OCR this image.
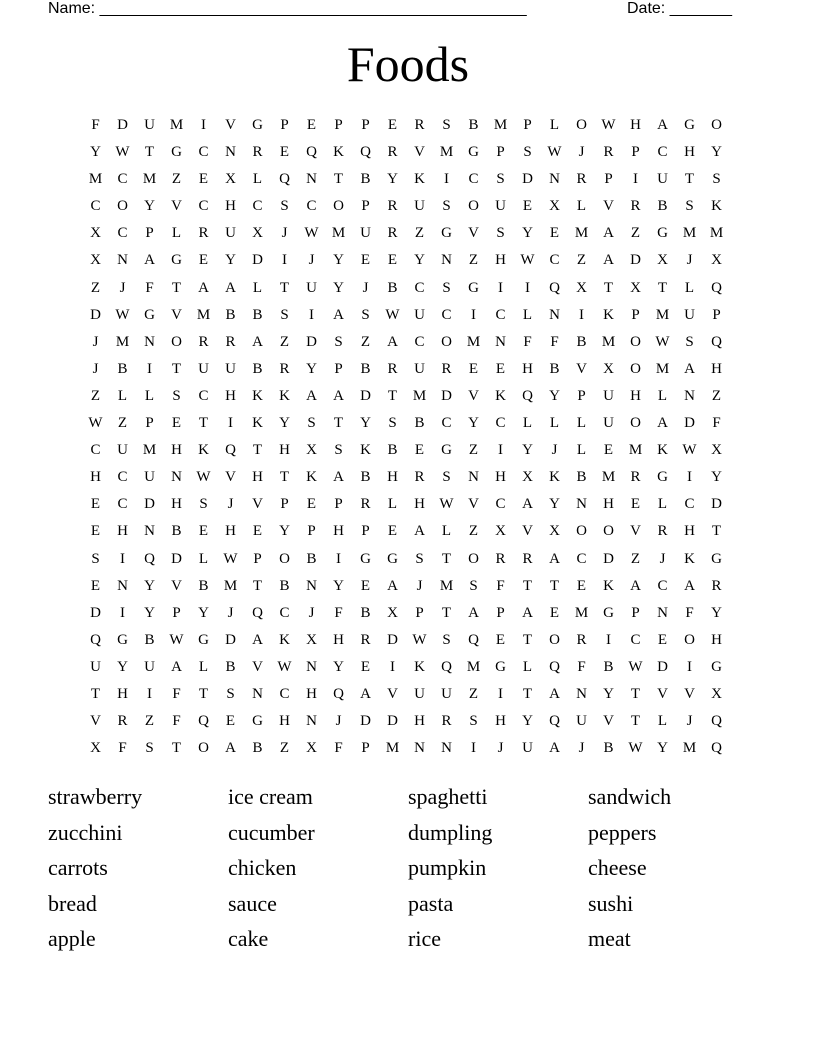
Name: ________________________________________________	Date: _______
Foods
F	D	U M	I	V	G	P	E	P	P	E	R	S	B	M	P	L	O W H	A	G	O
Y W	T	G	C	N	R	E	Q	K	Q	R	V M G	P	S	W	J	R	P	C	H	Y
M	C	M	Z	E	X	L	Q	N	T	B	Y	K	I	C	S	D	N	R	P	I	U	T	S
C	O	Y	V	C	H	C	S	C	O	P	R	U	S	O	U	E	X	L	V	R	B	S	K
X	C	P	L	R	U	X	J	W M U	R	Z	G	V	S	Y	E	M A	Z	G M M
X	N	A	G	E	Y	D	I	J	Y	E	E	Y	N	Z	H W C	Z	A	D	X	J	X
Z	J	F	T	A	A	L	T	U	Y	J	B	C	S	G	I	I	Q	X	T	X	T	L	Q
D W G	V M	B	B	S	I	A	S	W U	C	I	C	L	N	I	K	P	M U	P
J	M N	O	R	R	A	Z	D	S	Z	A	C	O M N	F	F	B	M O W	S	Q
J	B	I	T	U	U	B	R	Y	P	B	R	U	R	E	E	H	B	V	X	O M A	H
Z	L	L	S	C	H	K	K	A	A	D	T	M D	V	K	Q	Y	P	U	H	L	N	Z
W	Z	P	E	T	I	K	Y	S	T	Y	S	B	C	Y	C	L	L	L	U	O	A	D	F
C	U M H	K	Q	T	H	X	S	K	B	E	G	Z	I	Y	J	L	E	M K W X
H	C	U	N W V	H	T	K	A	B	H	R	S	N	H	X	K	B	M	R	G	I	Y
E	C	D	H	S	J	V	P	E	P	R	L	H W V	C	A	Y	N	H	E	L	C	D
E	H	N	B	E	H	E	Y	P	H	P	E	A	L	Z	X	V	X	O	O	V	R	H	T
S	I	Q	D	L	W	P	O	B	I	G	G	S	T	O	R	R	A	C	D	Z	J	K	G
E	N	Y	V	B	M	T	B	N	Y	E	A	J	M	S	F	T	T	E	K	A	C	A	R
D	I	Y	P	Y	J	Q	C	J	F	B	X	P	T	A	P	A	E	M G	P	N	F	Y
Q	G	B W G	D	A	K	X	H	R	D W	S	Q	E	T	O	R	I	C	E	O	H
U	Y	U	A	L	B	V W N	Y	E	I	K	Q M G	L	Q	F	B W D	I	G
T	H	I	F	T	S	N	C	H	Q	A	V	U	U	Z	I	T	A	N	Y	T	V	V	X
V	R	Z	F	Q	E	G	H	N	J	D	D	H	R	S	H	Y	Q	U	V	T	L	J	Q
X	F	S	T	O	A	B	Z	X	F	P	M N	N	I	J	U	A	J	B W Y M Q
strawberry	ice cream	spaghetti	sandwich
zucchini	cucumber	dumpling	peppers
carrots	chicken	pumpkin	cheese
bread	sauce	pasta	sushi
apple	cake	rice	meat
